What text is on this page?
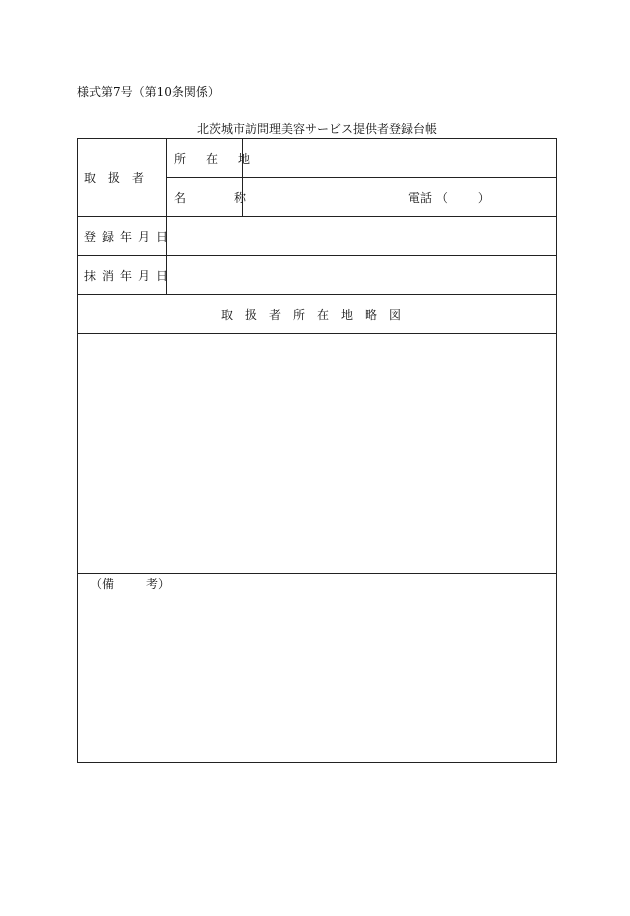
様式第7号（第10条関係）
北茨城市訪問理美容サービス提供者登録台帳
取　扱　者
所　在　地
名　　　称	電話 （	）
登録年月日
抹消年月日
取扱者所在地略図
（備	考）
